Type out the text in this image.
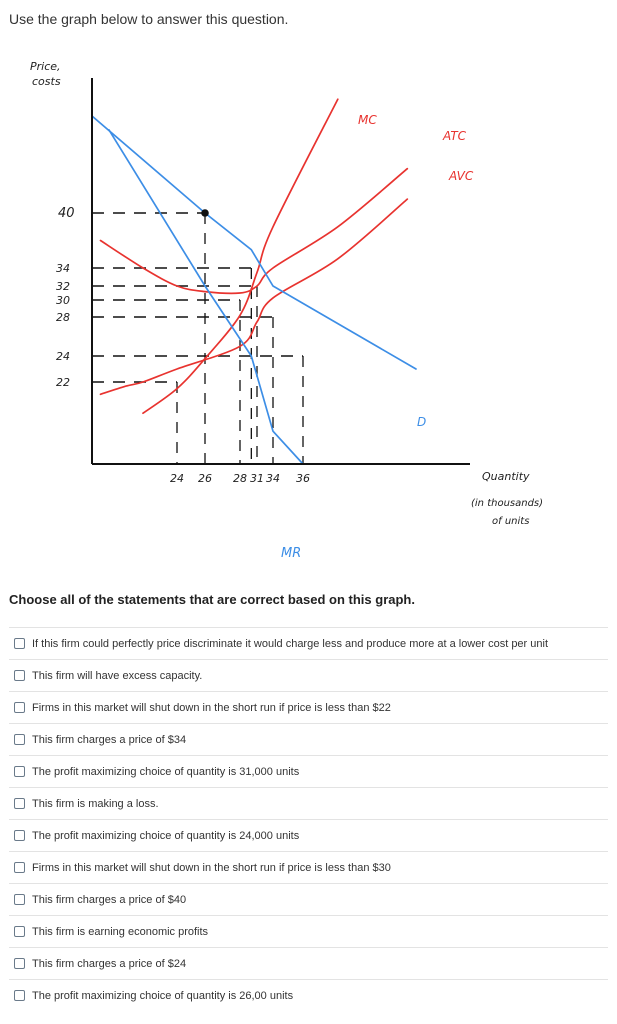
Use the graph below to answer this question.
40
34
32
30
28
24
22
24 26 28 31 34 36
Price,
costs
MC
ATC
AVC
D
MR
Quantity
(in thousands)
of units
Choose all of the statements that are correct based on this graph.
If this firm could perfectly price discriminate it would charge less and produce more at a lower cost per unit
This firm will have excess capacity.
Firms in this market will shut down in the short run if price is less than $22
This firm charges a price of $34
The profit maximizing choice of quantity is 31,000 units
This firm is making a loss.
The profit maximizing choice of quantity is 24,000 units
Firms in this market will shut down in the short run if price is less than $30
This firm charges a price of $40
This firm is earning economic profits
This firm charges a price of $24
The profit maximizing choice of quantity is 26,00 units
